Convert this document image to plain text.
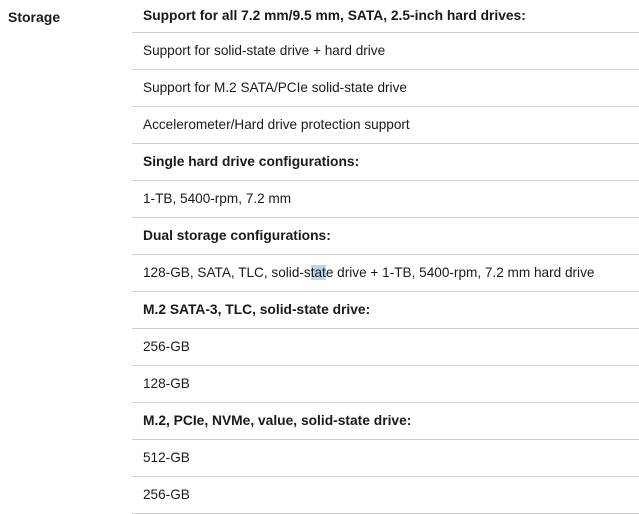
Storage	Support for all 7.2 mm/9.5 mm, SATA, 2.5-inch hard drives:
Support for solid-state drive + hard drive
Support for M.2 SATA/PCIe solid-state drive
Accelerometer/Hard drive protection support
Single hard drive configurations:
1-TB, 5400-rpm, 7.2 mm
Dual storage configurations:
128-GB, SATA, TLC, solid-state drive + 1-TB, 5400-rpm, 7.2 mm hard drive
M.2 SATA-3, TLC, solid-state drive:
256-GB
128-GB
M.2, PCIe, NVMe, value, solid-state drive:
512-GB
256-GB
